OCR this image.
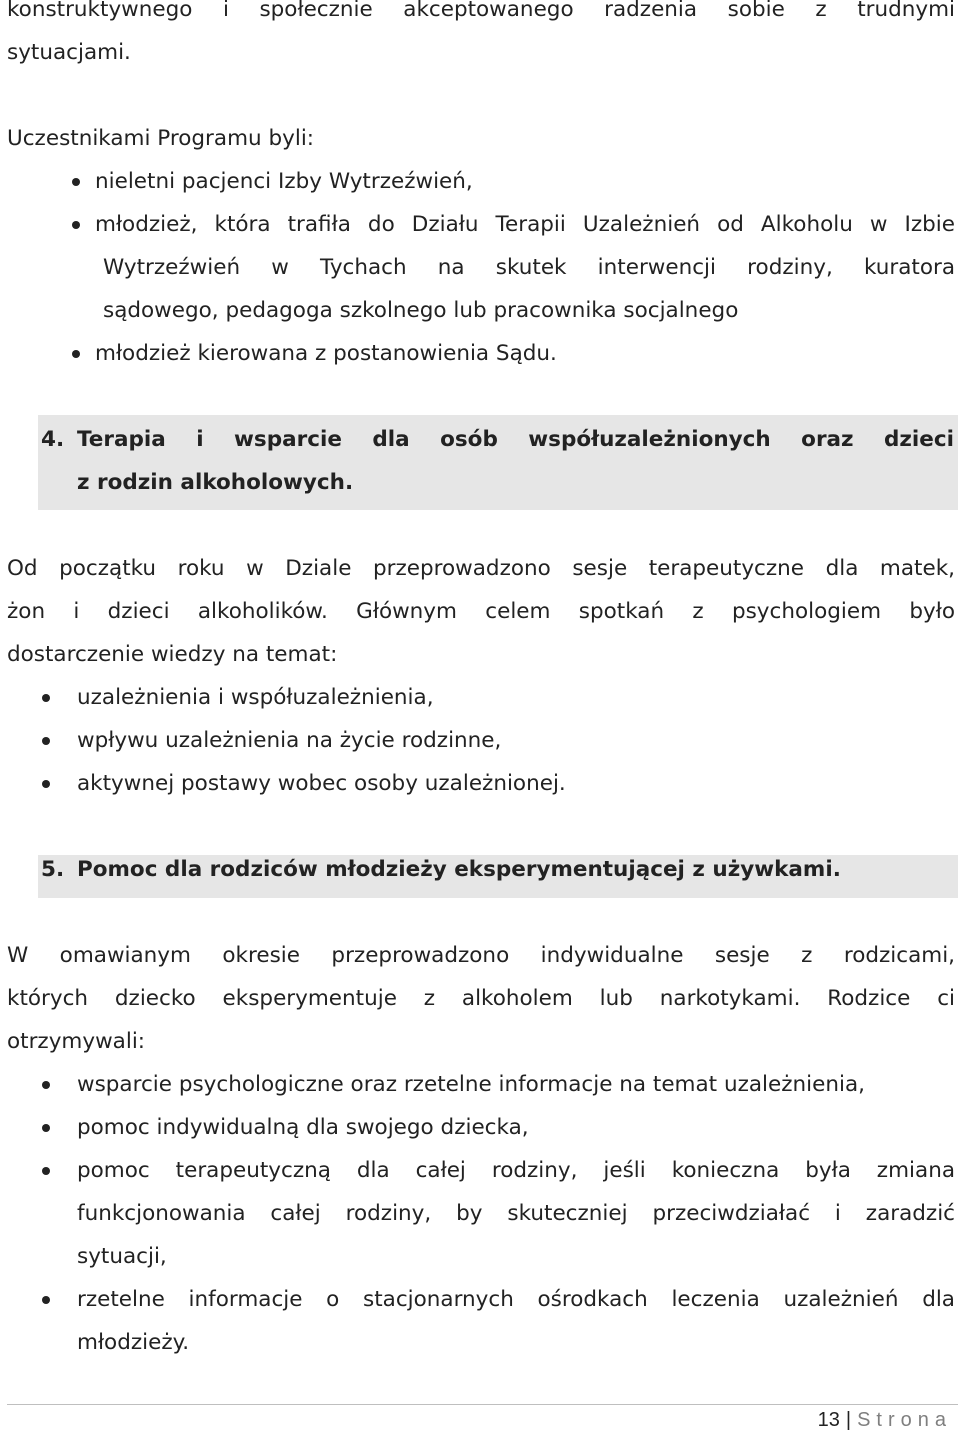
konstruktywnego i społecznie akceptowanego radzenia sobie z trudnymi
sytuacjami.
Uczestnikami Programu byli:
nieletni pacjenci Izby Wytrzeźwień,
młodzież, która trafiła do Działu Terapii Uzależnień od Alkoholu w Izbie
Wytrzeźwień w Tychach na skutek interwencji rodziny, kuratora
sądowego, pedagoga szkolnego lub pracownika socjalnego
młodzież kierowana z postanowienia Sądu.
4. Terapia i wsparcie dla osób współuzależnionych oraz dzieci
z rodzin alkoholowych.
Od początku roku w Dziale przeprowadzono sesje terapeutyczne dla matek,
żon i dzieci alkoholików. Głównym celem spotkań z psychologiem było
dostarczenie wiedzy na temat:
uzależnienia i współuzależnienia,
wpływu uzależnienia na życie rodzinne,
aktywnej postawy wobec osoby uzależnionej.
5. Pomoc dla rodziców młodzieży eksperymentującej z używkami.
W omawianym okresie przeprowadzono indywidualne sesje z rodzicami,
których dziecko eksperymentuje z alkoholem lub narkotykami. Rodzice ci
otrzymywali:
wsparcie psychologiczne oraz rzetelne informacje na temat uzależnienia,
pomoc indywidualną dla swojego dziecka,
pomoc terapeutyczną dla całej rodziny, jeśli konieczna była zmiana
funkcjonowania całej rodziny, by skuteczniej przeciwdziałać i zaradzić
sytuacji,
rzetelne informacje o stacjonarnych ośrodkach leczenia uzależnień dla
młodzieży.
13 | Strona
